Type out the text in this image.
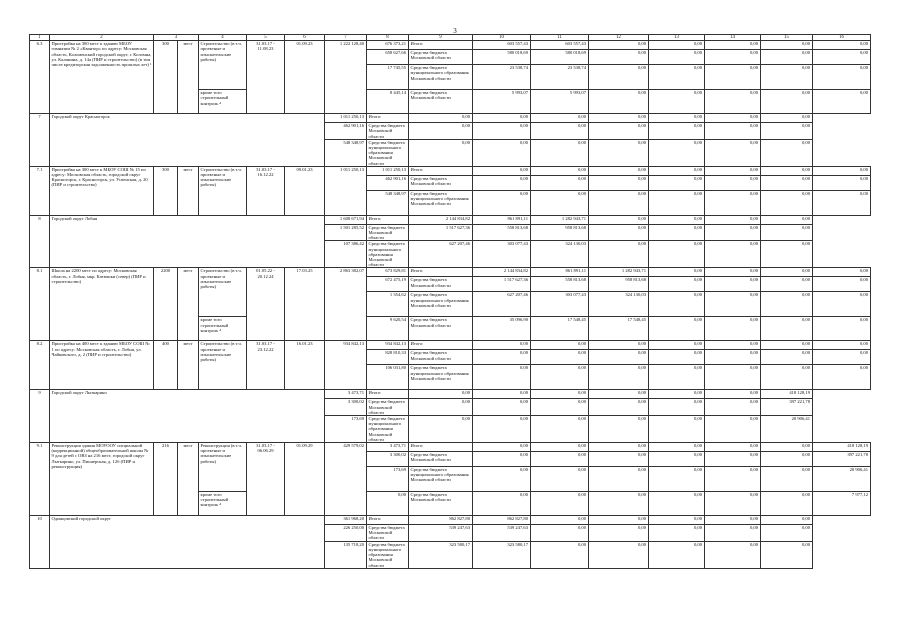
3
1	2	3		4	5	6	7	8	9	10	11	12	13	14	15	16
6.3	Пристройка на 300 мест к зданию МБОУ гимназии № 2 «Квантор» по адресу: Московская область, Коломенский городской округ, г. Коломна, ул. Калинина, д. 14а (ПИР и строительство) (в том числе кредиторская задолженность прошлых лет) ¹	300	мест	Строительство (в т.ч. проектные и изыскательские работы)	31.03.17 - 11.08.23	01.09.23	1 222 128,40	676 373,21	Итого:	603 557,43	603 557,43	0,00	0,00	0,00	0,00	0,00
								658 627,66	Средства бюджета Московской области	580 018,69	580 018,69	0,00	0,00	0,00	0,00	0,00
								17 745,55	Средства бюджета муниципального образования Московской области	23 538,74	23 538,74	0,00	0,00	0,00	0,00	0,00
				кроме того строительный контроль ⁴				8 445,14	Средства бюджета Московской области	5 993,07	5 993,07	0,00	0,00	0,00	0,00	0,00
7	Городской округ Красногорск						1 011 250,13	Итого:	0,00	0,00	0,00	0,00	0,00	0,00	0,00	
							462 901,16	Средства бюджета Московской области	0,00	0,00	0,00	0,00	0,00	0,00	0,00	
							548 348,97	Средства бюджета муниципального образования Московской области	0,00	0,00	0,00	0,00	0,00	0,00	0,00	
7.1	Пристройка на 300 мест к МБОУ СОШ № 15 по адресу: Московская область, городской округ Красногорск, г. Красногорск, ул. Успенская, д. 20 (ПИР и строительство)	300	мест	Строительство (в т.ч. проектные и изыскательские работы)	31.03.17 - 16.12.22	09.01.23	1 011 250,13	1 011 250,13	Итого:	0,00	0,00	0,00	0,00	0,00	0,00	0,00
								462 901,16	Средства бюджета Московской области	0,00	0,00	0,00	0,00	0,00	0,00	0,00
								548 348,97	Средства бюджета муниципального образования Московской области	0,00	0,00	0,00	0,00	0,00	0,00	0,00
8	Городской округ Лобня						1 608 671,94	Итого:	2 144 834,82	861 891,11	1 282 943,71	0,00	0,00	0,00	0,00	
							1 501 285,52	Средства бюджета Московской области	1 517 627,36	558 813,68	958 813,68	0,00	0,00	0,00	0,00	
							107 386,42	Средства бюджета муниципального образования Московской области	627 207,46	303 077,43	324 130,03	0,00	0,00	0,00	0,00	
8.1	Школа на 2200 мест по адресу: Московская область, г. Лобня, мкр. Катюшки (север) (ПИР и строительство)	2200	мест	Строительство (в т.ч. проектные и изыскательские работы)	01.05.22 - 20.12.24	17.03.25	2 863 382,07	673 829,81	Итого:	2 144 834,82	861 891,11	1 282 943,71	0,00	0,00	0,00	0,00
								672 475,19	Средства бюджета Московской области	1 517 627,36	558 813,68	958 813,68	0,00	0,00	0,00	0,00
								1 354,62	Средства бюджета муниципального образования Московской области	627 207,46	303 077,43	324 130,03	0,00	0,00	0,00	0,00
				кроме того строительный контроль ⁴				9 620,54	Средства бюджета Московской области	35 096,90	17 548,45	17 548,45	0,00	0,00	0,00	0,00
8.2	Пристройка на 400 мест к зданию МБОУ СОШ № 1 по адресу: Московская область, г. Лобня, ул. Чайковского, д. 2 (ПИР и строительство)	400	мест	Строительство (в т.ч. проектные и изыскательские работы)	31.03.17 - 23.12.22	16.01.23	934 842,13	934 842,13	Итого:	0,00	0,00	0,00	0,00	0,00	0,00	0,00
								828 810,33	Средства бюджета Московской области	0,00	0,00	0,00	0,00	0,00	0,00	0,00
								106 031,80	Средства бюджета муниципального образования Московской области	0,00	0,00	0,00	0,00	0,00	0,00	0,00
9	Городской округ Лыткарино						3 473,71	Итого:	0,00	0,00	0,00	0,00	0,00	0,00	418 128,19	
							3 300,02	Средства бюджета Московской области	0,00	0,00	0,00	0,00	0,00	0,00	397 221,78	
							173,69	Средства бюджета муниципального образования Московской области	0,00	0,00	0,00	0,00	0,00	0,00	20 906,41	
9.1	Реконструкция здания МОУООУ специальной (коррекционной) общеобразовательной школы № 9 для детей с ОВЗ на 216 мест, городской округ Лыткарино, ул. Пионерская, д. 12б (ПИР и реконструкция)	216	мест	Реконструкция (в т.ч. проектные и изыскательские работы)	31.03.17 - 06.06.29	01.09.29	429 579,02	3 473,71	Итого:	0,00	0,00	0,00	0,00	0,00	0,00	418 128,19
								3 300,02	Средства бюджета Московской области	0,00	0,00	0,00	0,00	0,00	0,00	397 221,78
								173,69	Средства бюджета муниципального образования Московской области	0,00	0,00	0,00	0,00	0,00	0,00	20 906,41
				кроме того строительный контроль ⁴				0,00	Средства бюджета Московской области	0,00	0,00	0,00	0,00	0,00	0,00	7 977,12
10	Одинцовский городской округ						361 968,20	Итого:	862 827,80	862 827,80	0,00	0,00	0,00	0,00	0,00	
							226 250,00	Средства бюджета Московской области	539 247,63	539 247,63	0,00	0,00	0,00	0,00	0,00	
							135 718,20	Средства бюджета муниципального образования Московской области	323 580,17	323 580,17	0,00	0,00	0,00	0,00	0,00	
